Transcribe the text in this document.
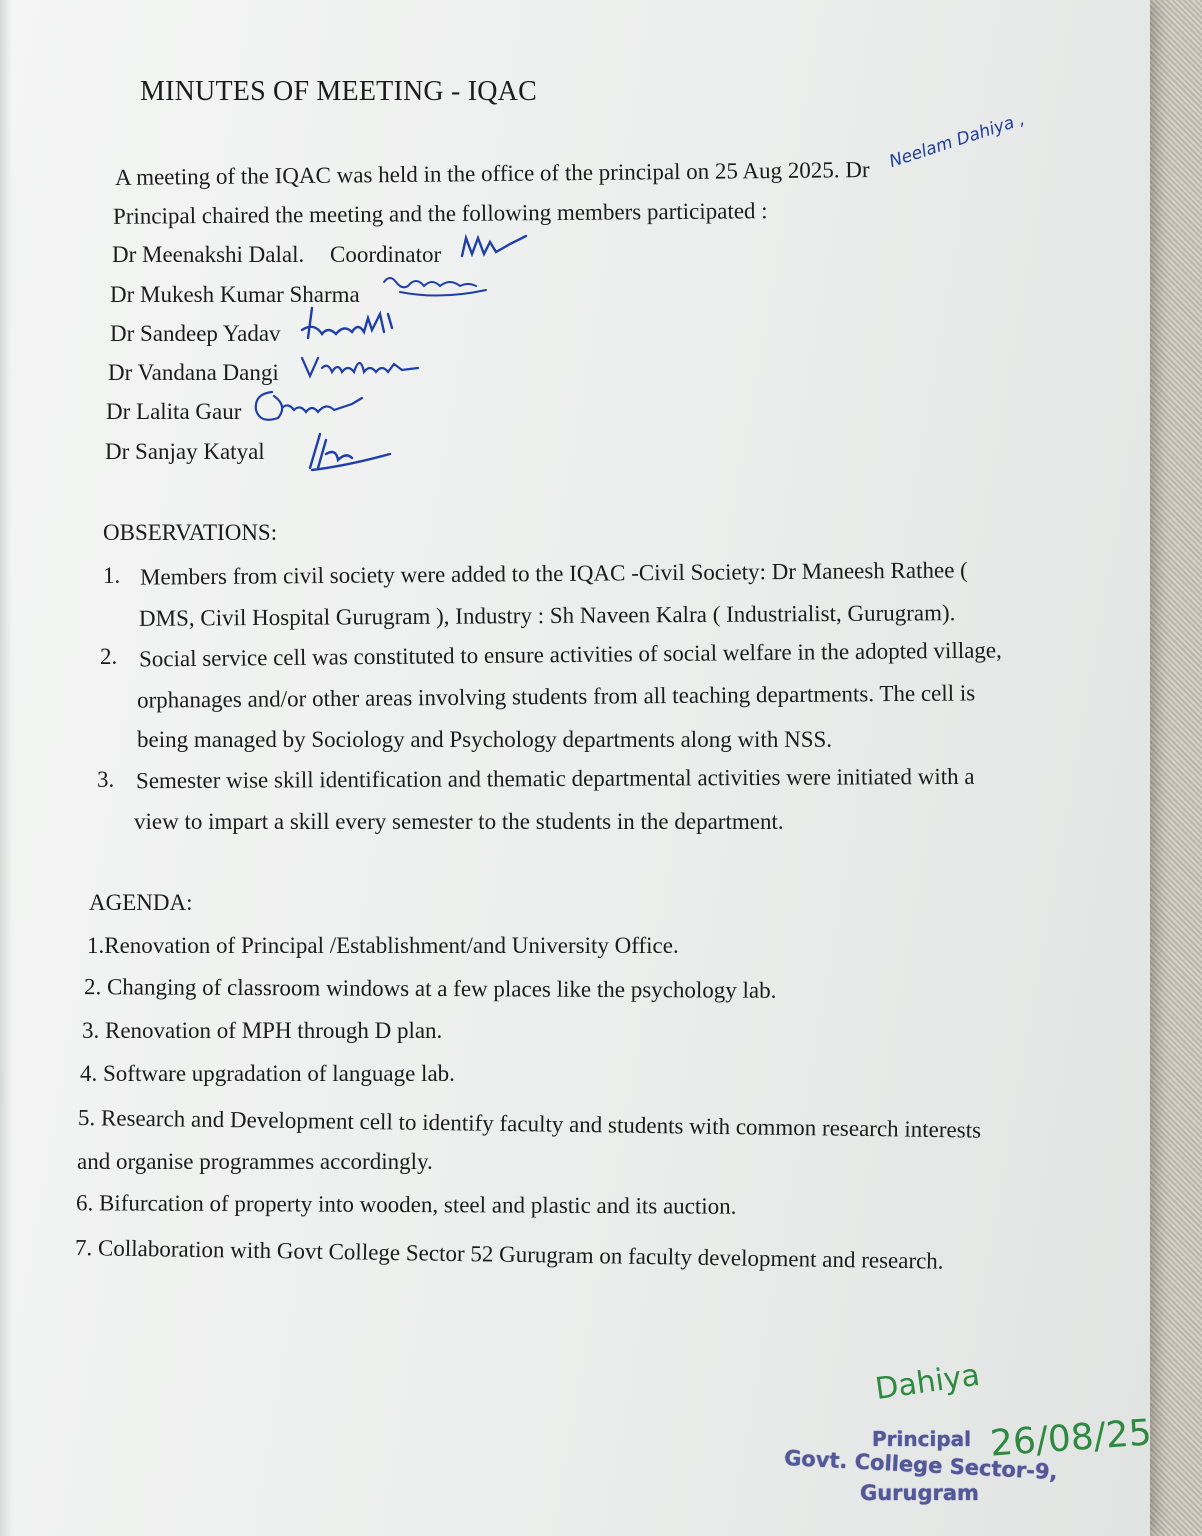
MINUTES OF MEETING - IQAC
A meeting of the IQAC was held in the office of the principal on 25 Aug 2025. Dr
Neelam Dahiya ,
Principal chaired the meeting and the following members participated :
Dr Meenakshi Dalal. Coordinator
Dr Mukesh Kumar Sharma
Dr Sandeep Yadav
Dr Vandana Dangi
Dr Lalita Gaur
Dr Sanjay Katyal
OBSERVATIONS:
1. Members from civil society were added to the IQAC -Civil Society: Dr Maneesh Rathee (
DMS, Civil Hospital Gurugram ), Industry : Sh Naveen Kalra ( Industrialist, Gurugram).
2. Social service cell was constituted to ensure activities of social welfare in the adopted village,
orphanages and/or other areas involving students from all teaching departments. The cell is
being managed by Sociology and Psychology departments along with NSS.
3. Semester wise skill identification and thematic departmental activities were initiated with a
view to impart a skill every semester to the students in the department.
AGENDA:
1.Renovation of Principal /Establishment/and University Office.
2. Changing of classroom windows at a few places like the psychology lab.
3. Renovation of MPH through D plan.
4. Software upgradation of language lab.
5. Research and Development cell to identify faculty and students with common research interests
and organise programmes accordingly.
6. Bifurcation of property into wooden, steel and plastic and its auction.
7. Collaboration with Govt College Sector 52 Gurugram on faculty development and research.
Dahiya
26/08/25
Principal
Govt. College Sector-9,
Gurugram
